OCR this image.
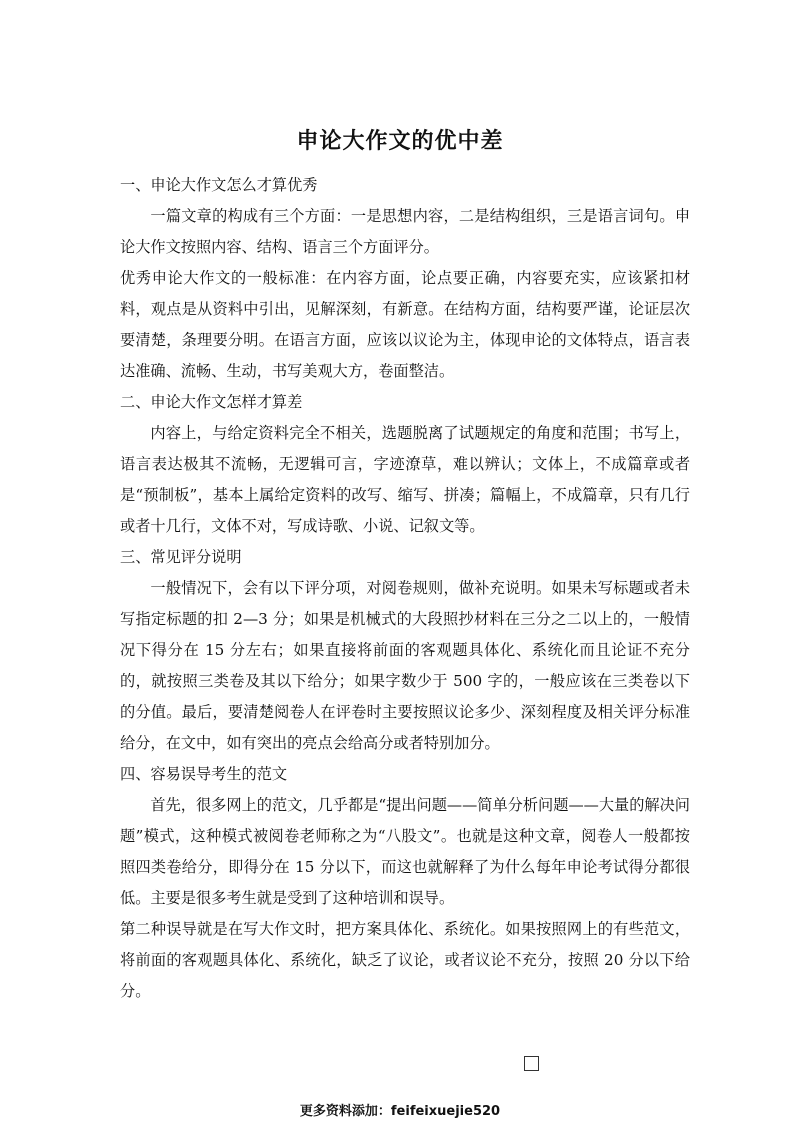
申论大作文的优中差

一、申论大作文怎么才算优秀

一篇文章的构成有三个方面：一是思想内容，二是结构组织，三是语言词句。申论大作文按照内容、结构、语言三个方面评分。

优秀申论大作文的一般标准：在内容方面，论点要正确，内容要充实，应该紧扣材料，观点是从资料中引出，见解深刻，有新意。在结构方面，结构要严谨，论证层次要清楚，条理要分明。在语言方面，应该以议论为主，体现申论的文体特点，语言表达准确、流畅、生动，书写美观大方，卷面整洁。

二、申论大作文怎样才算差

内容上，与给定资料完全不相关，选题脱离了试题规定的角度和范围；书写上，语言表达极其不流畅，无逻辑可言，字迹潦草，难以辨认；文体上，不成篇章或者是“预制板”，基本上属给定资料的改写、缩写、拼凑；篇幅上，不成篇章，只有几行或者十几行，文体不对，写成诗歌、小说、记叙文等。

三、常见评分说明

一般情况下，会有以下评分项，对阅卷规则，做补充说明。如果未写标题或者未写指定标题的扣 2—3 分；如果是机械式的大段照抄材料在三分之二以上的，一般情况下得分在 15 分左右；如果直接将前面的客观题具体化、系统化而且论证不充分的，就按照三类卷及其以下给分；如果字数少于 500 字的，一般应该在三类卷以下的分值。最后，要清楚阅卷人在评卷时主要按照议论多少、深刻程度及相关评分标准给分，在文中，如有突出的亮点会给高分或者特别加分。

四、容易误导考生的范文

首先，很多网上的范文，几乎都是“提出问题——简单分析问题——大量的解决问题”模式，这种模式被阅卷老师称之为“八股文”。也就是这种文章，阅卷人一般都按照四类卷给分，即得分在 15 分以下，而这也就解释了为什么每年申论考试得分都很低。主要是很多考生就是受到了这种培训和误导。

第二种误导就是在写大作文时，把方案具体化、系统化。如果按照网上的有些范文，将前面的客观题具体化、系统化，缺乏了议论，或者议论不充分，按照 20 分以下给分。

更多资料添加：feifeixuejie520
